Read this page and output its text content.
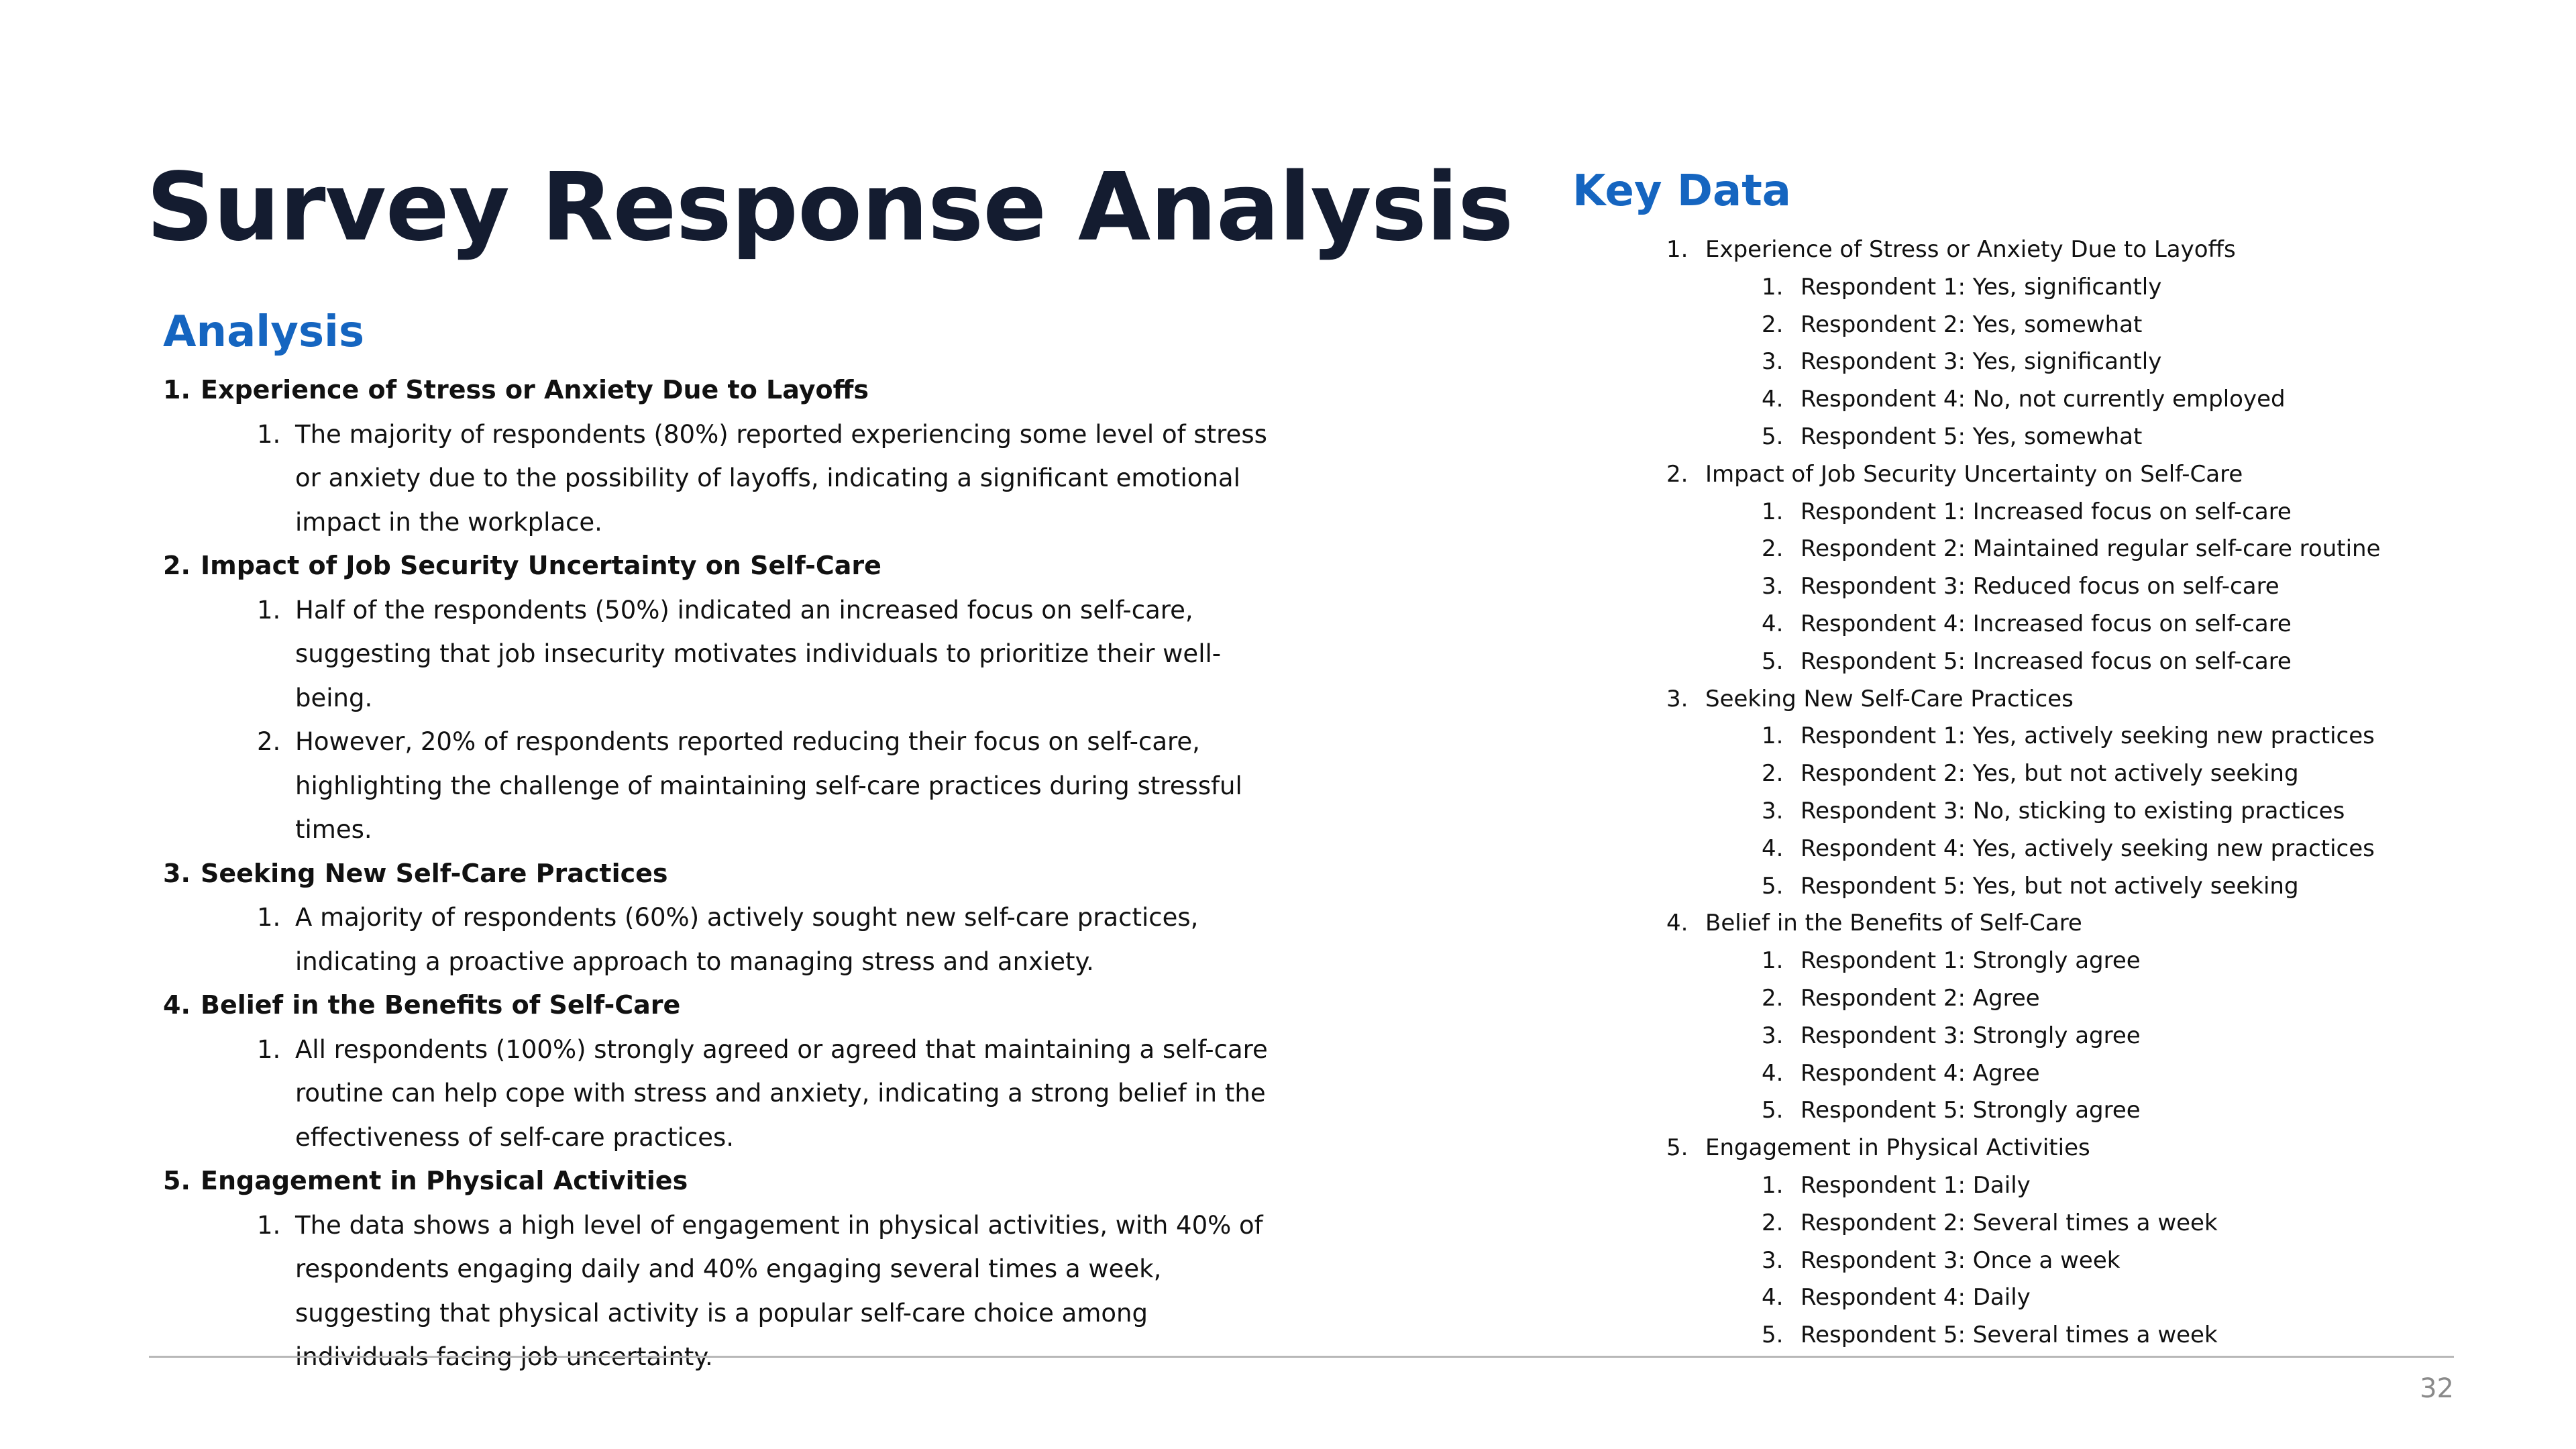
Survey Response Analysis
Analysis
1. Experience of Stress or Anxiety Due to Layoffs
1. The majority of respondents (80%) reported experiencing some level of stress or anxiety due to the possibility of layoffs, indicating a significant emotional impact in the workplace.
2. Impact of Job Security Uncertainty on Self-Care
1. Half of the respondents (50%) indicated an increased focus on self-care, suggesting that job insecurity motivates individuals to prioritize their well-being.
2. However, 20% of respondents reported reducing their focus on self-care, highlighting the challenge of maintaining self-care practices during stressful times.
3. Seeking New Self-Care Practices
1. A majority of respondents (60%) actively sought new self-care practices, indicating a proactive approach to managing stress and anxiety.
4. Belief in the Benefits of Self-Care
1. All respondents (100%) strongly agreed or agreed that maintaining a self-care routine can help cope with stress and anxiety, indicating a strong belief in the effectiveness of self-care practices.
5. Engagement in Physical Activities
1. The data shows a high level of engagement in physical activities, with 40% of respondents engaging daily and 40% engaging several times a week, suggesting that physical activity is a popular self-care choice among individuals facing job uncertainty.
Key Data
1. Experience of Stress or Anxiety Due to Layoffs
1. Respondent 1: Yes, significantly
2. Respondent 2: Yes, somewhat
3. Respondent 3: Yes, significantly
4. Respondent 4: No, not currently employed
5. Respondent 5: Yes, somewhat
2. Impact of Job Security Uncertainty on Self-Care
1. Respondent 1: Increased focus on self-care
2. Respondent 2: Maintained regular self-care routine
3. Respondent 3: Reduced focus on self-care
4. Respondent 4: Increased focus on self-care
5. Respondent 5: Increased focus on self-care
3. Seeking New Self-Care Practices
1. Respondent 1: Yes, actively seeking new practices
2. Respondent 2: Yes, but not actively seeking
3. Respondent 3: No, sticking to existing practices
4. Respondent 4: Yes, actively seeking new practices
5. Respondent 5: Yes, but not actively seeking
4. Belief in the Benefits of Self-Care
1. Respondent 1: Strongly agree
2. Respondent 2: Agree
3. Respondent 3: Strongly agree
4. Respondent 4: Agree
5. Respondent 5: Strongly agree
5. Engagement in Physical Activities
1. Respondent 1: Daily
2. Respondent 2: Several times a week
3. Respondent 3: Once a week
4. Respondent 4: Daily
5. Respondent 5: Several times a week
32
